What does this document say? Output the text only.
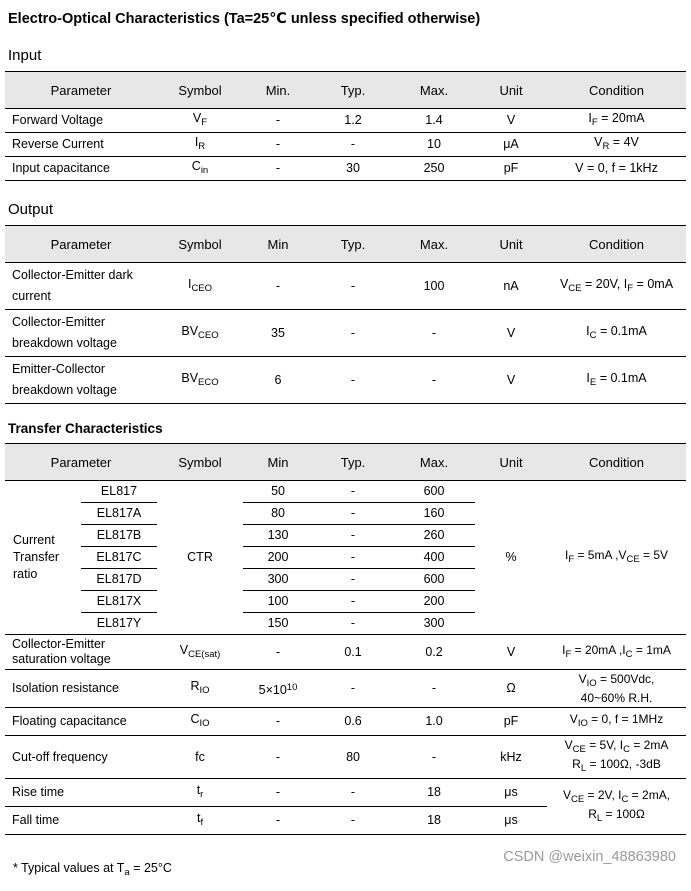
Electro-Optical Characteristics (Ta=25℃ unless specified otherwise)
Input
Parameter	Symbol	Min.	Typ.	Max.	Unit	Condition
Forward Voltage	$V_F$	-	1.2	1.4	V	$I_F = 20mA$
Reverse Current	$I_R$	-	-	10	μA	$V_R = 4V$
Input capacitance	$C_{in}$	-	30	250	pF	V = 0, f = 1kHz
Output
Parameter	Symbol	Min	Typ.	Max.	Unit	Condition
Collector-Emitter dark current	$I_{CEO}$	-	-	100	nA	$V_{CE} = 20V$, $I_F = 0mA$
Collector-Emitter breakdown voltage	$BV_{CEO}$	35	-	-	V	$I_C = 0.1mA$
Emitter-Collector breakdown voltage	$BV_{ECO}$	6	-	-	V	$I_E = 0.1mA$
Transfer Characteristics
Parameter		Symbol	Min	Typ.	Max.	Unit	Condition
Current Transfer ratio	EL817	CTR	50	-	600	%	$I_F = 5mA$ $,V_{CE} = 5V$
	EL817A		80	-	160		
	EL817B		130	-	260		
	EL817C		200	-	400		
	EL817D		300	-	600		
	EL817X		100	-	200		
	EL817Y		150	-	300		
Collector-Emitter saturation voltage		$V_{CE(sat)}$	-	0.1	0.2	V	$I_F = 20mA$ $,I_C = 1mA$
Isolation resistance		$R_{IO}$	$5\times 10^{10}$	-	-	Ω	$V_{IO} = 500Vdc$,
40~60% R.H.
Floating capacitance		$C_{IO}$	-	0.6	1.0	pF	$V_{IO} = 0$, f = 1MHz
Cut-off frequency		fc	-	80	-	kHz	$V_{CE} = 5V$, $I_C = 2mA$
$R_L = 100\Omega$, -3dB
Rise time		$t_r$	-	-	18	μs	$V_{CE} = 2V$, $I_C = 2mA$,
$R_L = 100\Omega$
Fall time		$t_f$	-	-	18	μs	
* Typical values at $T_a = 25^\circ C$
CSDN @weixin_48863980
